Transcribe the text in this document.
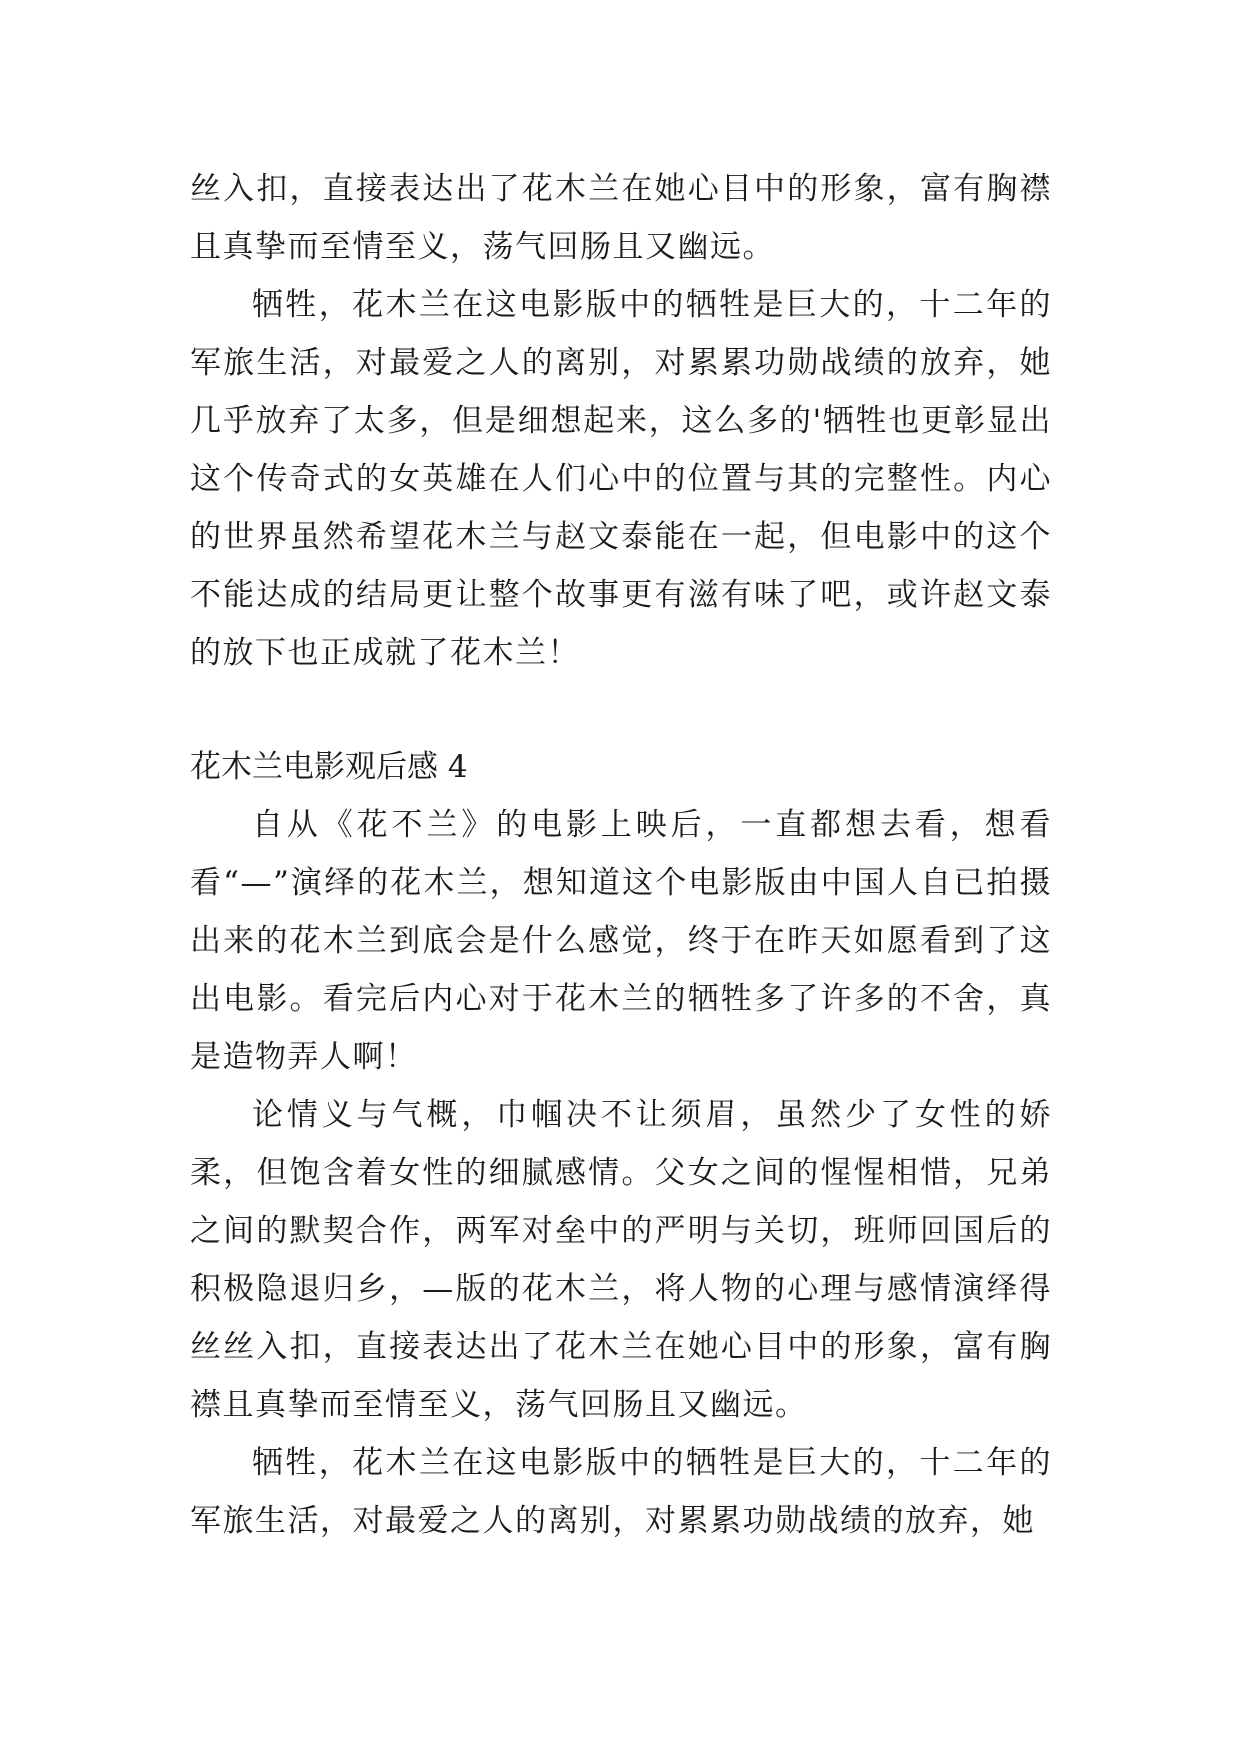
丝入扣，直接表达出了花木兰在她心目中的形象，富有胸襟且真挚而至情至义，荡气回肠且又幽远。

牺牲，花木兰在这电影版中的牺牲是巨大的，十二年的军旅生活，对最爱之人的离别，对累累功勋战绩的放弃，她几乎放弃了太多，但是细想起来，这么多的'牺牲也更彰显出这个传奇式的女英雄在人们心中的位置与其的完整性。内心的世界虽然希望花木兰与赵文泰能在一起，但电影中的这个不能达成的结局更让整个故事更有滋有味了吧，或许赵文泰的放下也正成就了花木兰！

花木兰电影观后感 4

自从《花不兰》的电影上映后，一直都想去看，想看看“—”演绎的花木兰，想知道这个电影版由中国人自已拍摄出来的花木兰到底会是什么感觉，终于在昨天如愿看到了这出电影。看完后内心对于花木兰的牺牲多了许多的不舍，真是造物弄人啊！

论情义与气概，巾帼决不让须眉，虽然少了女性的娇柔，但饱含着女性的细腻感情。父女之间的惺惺相惜，兄弟之间的默契合作，两军对垒中的严明与关切，班师回国后的积极隐退归乡，—版的花木兰，将人物的心理与感情演绎得丝丝入扣，直接表达出了花木兰在她心目中的形象，富有胸襟且真挚而至情至义，荡气回肠且又幽远。

牺牲，花木兰在这电影版中的牺牲是巨大的，十二年的军旅生活，对最爱之人的离别，对累累功勋战绩的放弃，她
